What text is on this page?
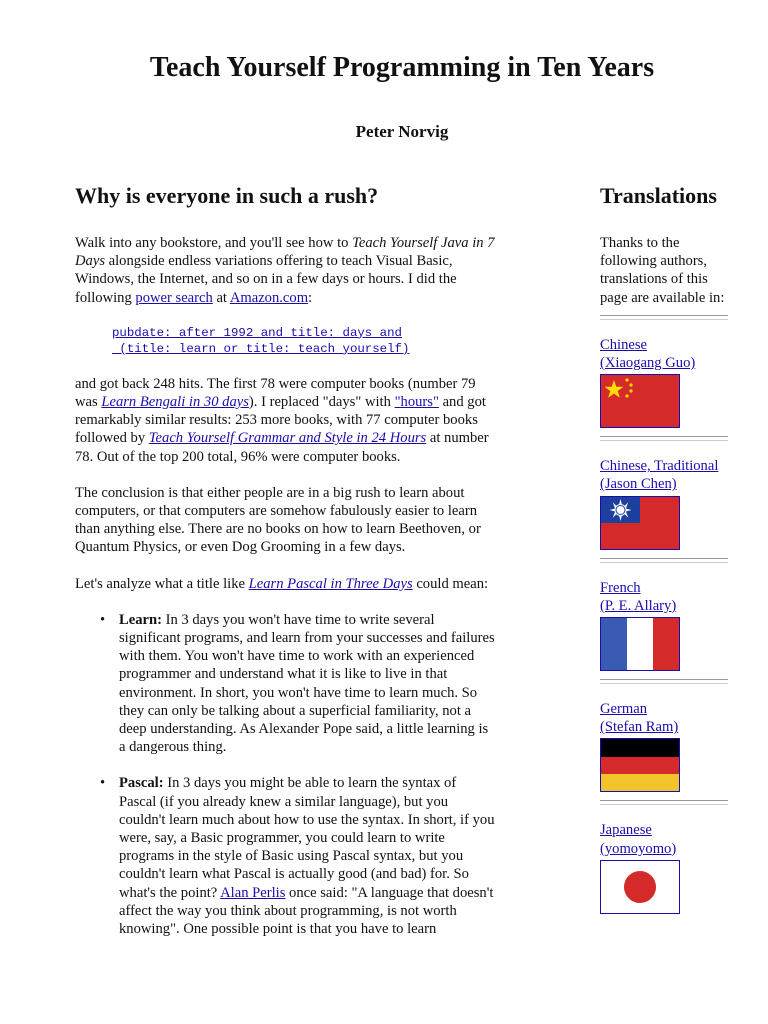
Teach Yourself Programming in Ten Years
Peter Norvig
Why is everyone in such a rush?

Walk into any bookstore, and you'll see how to Teach Yourself Java in 7 Days alongside endless variations offering to teach Visual Basic, Windows, the Internet, and so on in a few days or hours. I did the following power search at Amazon.com:

pubdate: after 1992 and title: days and
(title: learn or title: teach yourself)

and got back 248 hits. The first 78 were computer books (number 79 was Learn Bengali in 30 days). I replaced "days" with "hours" and got remarkably similar results: 253 more books, with 77 computer books followed by Teach Yourself Grammar and Style in 24 Hours at number 78. Out of the top 200 total, 96% were computer books.

The conclusion is that either people are in a big rush to learn about computers, or that computers are somehow fabulously easier to learn than anything else. There are no books on how to learn Beethoven, or Quantum Physics, or even Dog Grooming in a few days.

Let's analyze what a title like Learn Pascal in Three Days could mean:

• Learn: In 3 days you won't have time to write several significant programs, and learn from your successes and failures with them. You won't have time to work with an experienced programmer and understand what it is like to live in that environment. In short, you won't have time to learn much. So they can only be talking about a superficial familiarity, not a deep understanding. As Alexander Pope said, a little learning is a dangerous thing.
• Pascal: In 3 days you might be able to learn the syntax of Pascal (if you already knew a similar language), but you couldn't learn much about how to use the syntax. In short, if you were, say, a Basic programmer, you could learn to write programs in the style of Basic using Pascal syntax, but you couldn't learn what Pascal is actually good (and bad) for. So what's the point? Alan Perlis once said: "A language that doesn't affect the way you think about programming, is not worth knowing". One possible point is that you have to learn
Translations

Thanks to the following authors, translations of this page are available in:

Chinese
(Xiaogang Guo)
Chinese, Traditional
(Jason Chen)
French
(P. E. Allary)
German
(Stefan Ram)
Japanese
(yomoyomo)
